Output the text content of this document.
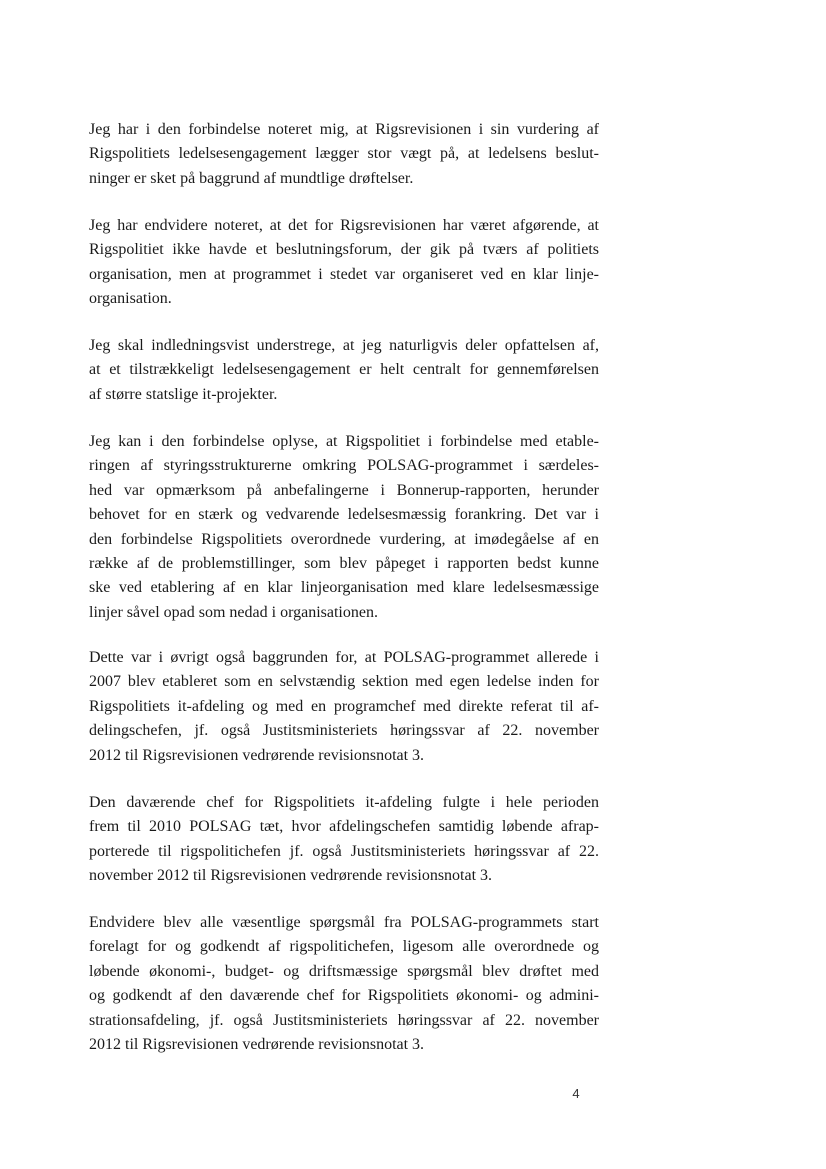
Jeg har i den forbindelse noteret mig, at Rigsrevisionen i sin vurdering af
Rigspolitiets ledelsesengagement lægger stor vægt på, at ledelsens beslut-
ninger er sket på baggrund af mundtlige drøftelser.

Jeg har endvidere noteret, at det for Rigsrevisionen har været afgørende, at
Rigspolitiet ikke havde et beslutningsforum, der gik på tværs af politiets
organisation, men at programmet i stedet var organiseret ved en klar linje-
organisation.

Jeg skal indledningsvist understrege, at jeg naturligvis deler opfattelsen af,
at et tilstrækkeligt ledelsesengagement er helt centralt for gennemførelsen
af større statslige it-projekter.

Jeg kan i den forbindelse oplyse, at Rigspolitiet i forbindelse med etable-
ringen af styringsstrukturerne omkring POLSAG-programmet i særdeles-
hed var opmærksom på anbefalingerne i Bonnerup-rapporten, herunder
behovet for en stærk og vedvarende ledelsesmæssig forankring. Det var i
den forbindelse Rigspolitiets overordnede vurdering, at imødegåelse af en
række af de problemstillinger, som blev påpeget i rapporten bedst kunne
ske ved etablering af en klar linjeorganisation med klare ledelsesmæssige
linjer såvel opad som nedad i organisationen.

Dette var i øvrigt også baggrunden for, at POLSAG-programmet allerede i
2007 blev etableret som en selvstændig sektion med egen ledelse inden for
Rigspolitiets it-afdeling og med en programchef med direkte referat til af-
delingschefen, jf. også Justitsministeriets høringssvar af 22. november
2012 til Rigsrevisionen vedrørende revisionsnotat 3.

Den daværende chef for Rigspolitiets it-afdeling fulgte i hele perioden
frem til 2010 POLSAG tæt, hvor afdelingschefen samtidig løbende afrap-
porterede til rigspolitichefen jf. også Justitsministeriets høringssvar af 22.
november 2012 til Rigsrevisionen vedrørende revisionsnotat 3.

Endvidere blev alle væsentlige spørgsmål fra POLSAG-programmets start
forelagt for og godkendt af rigspolitichefen, ligesom alle overordnede og
løbende økonomi-, budget- og driftsmæssige spørgsmål blev drøftet med
og godkendt af den daværende chef for Rigspolitiets økonomi- og admini-
strationsafdeling, jf. også Justitsministeriets høringssvar af 22. november
2012 til Rigsrevisionen vedrørende revisionsnotat 3.

4
